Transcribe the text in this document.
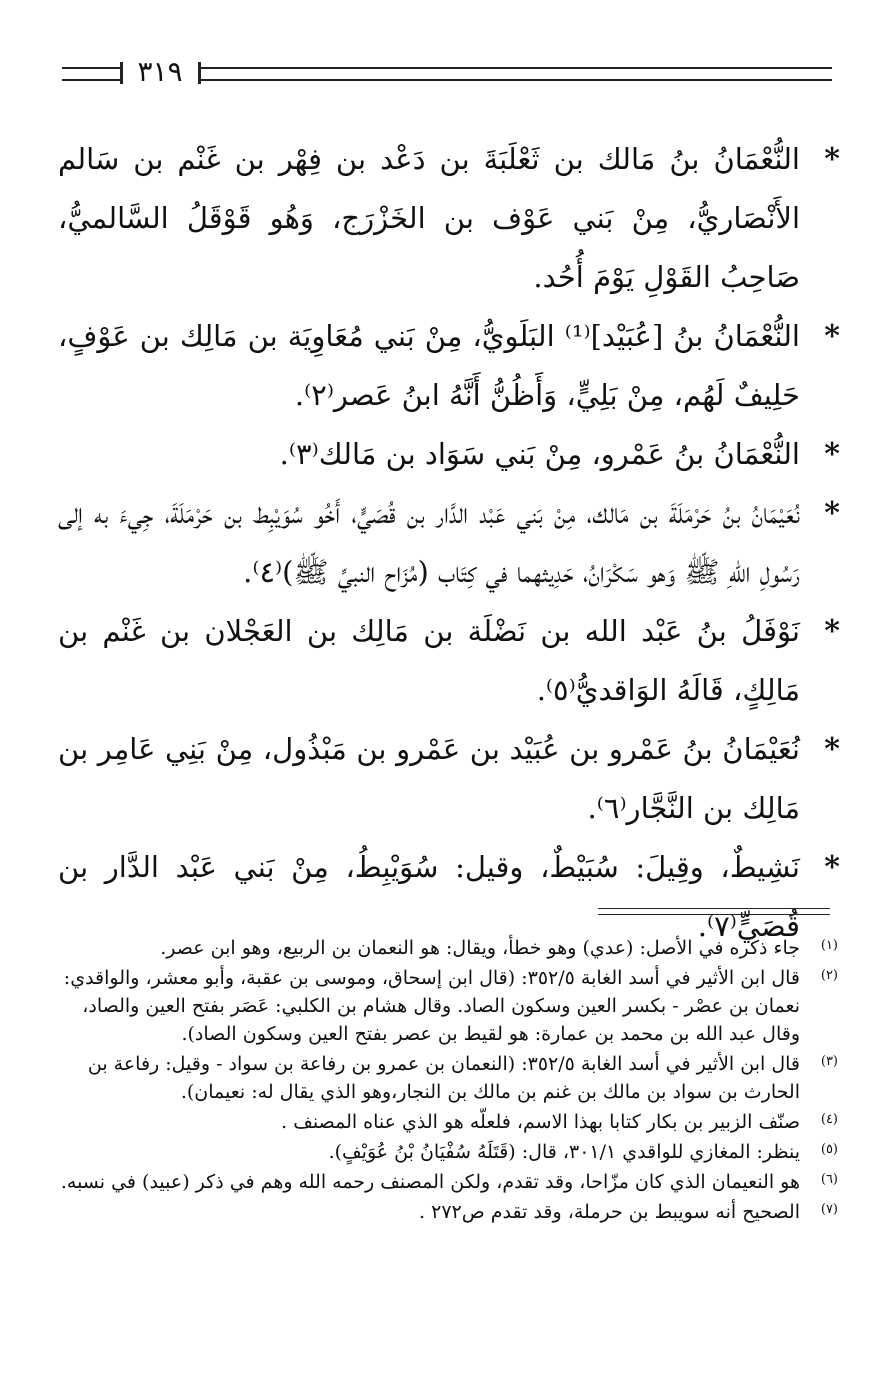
٣١٩

*
النُّعْمَانُ بنُ مَالك بن ثَعْلَبَةَ بن دَعْد بن فِهْر بن غَنْم بن سَالم الأَنْصَاريُّ، مِنْ بَني عَوْف بن الخَزْرَج، وَهُو قَوْقَلُ السَّالميُّ، صَاحِبُ القَوْلِ يَوْمَ أُحُد.

*
النُّعْمَانُ بنُ [عُبَيْد]⁽¹⁾ البَلَويُّ، مِنْ بَني مُعَاوِيَة بن مَالِك بن عَوْفٍ، حَلِيفٌ لَهُم، مِنْ بَلِيٍّ، وَأَظُنُّ أَنَّهُ ابنُ عَصر⁽٢⁾.

*
النُّعْمَانُ بنُ عَمْرو، مِنْ بَني سَوَاد بن مَالك⁽٣⁾.

*
نُعَيْمَانُ بنُ حَرْمَلَةَ بن مَالك، مِنْ بَني عَبْد الدَّار بن قُصَيٍّ، أَخُو سُوَيْبِط بن حَرْمَلَةَ، جِيءَ به إلى رَسُولِ اللهِ ﷺ وَهو سَكْرَانُ، حَدِيثهما في كِتَاب (مُزَاح النبيِّ ﷺ)⁽٤⁾.

*
نَوْفَلُ بنُ عَبْد الله بن نَضْلَة بن مَالِك بن العَجْلان بن غَنْم بن مَالِكٍ، قَالَهُ الوَاقديُّ⁽٥⁾.

*
نُعَيْمَانُ بنُ عَمْرو بن عُبَيْد بن عَمْرو بن مَبْذُول، مِنْ بَنِي عَامِر بن مَالِك بن النَّجَّار⁽٦⁾.

*
نَشِيطٌ، وقِيلَ: سُبَيْطٌ، وقيل: سُوَيْبِطُ، مِنْ بَني عَبْد الدَّار بن قُصَيٍّ⁽٧⁾.

(١)
جاء ذكره في الأصل: (عدي) وهو خطأ، ويقال: هو النعمان بن الربيع، وهو ابن عصر.

(٢)
قال ابن الأثير في أسد الغابة ٣٥٢/٥: (قال ابن إسحاق، وموسى بن عقبة، وأبو معشر، والواقدي: نعمان بن عصْر - بكسر العين وسكون الصاد. وقال هشام بن الكلبي: عَصَر بفتح العين والصاد، وقال عبد الله بن محمد بن عمارة: هو لقيط بن عصر بفتح العين وسكون الصاد).

(٣)
قال ابن الأثير في أسد الغابة ٣٥٢/٥: (النعمان بن عمرو بن رفاعة بن سواد - وقيل: رفاعة بن الحارث بن سواد بن مالك بن غنم بن مالك بن النجار،وهو الذي يقال له: نعيمان).

(٤)
صنّف الزبير بن بكار كتابا بهذا الاسم، فلعلّه هو الذي عناه المصنف .

(٥)
ينظر: المغازي للواقدي ٣٠١/١، قال: (قَتَلَهُ سُفْيَانُ بْنُ عُوَيْفٍ).

(٦)
هو النعيمان الذي كان مزّاحا، وقد تقدم، ولكن المصنف رحمه الله وهم في ذكر (عبيد) في نسبه.

(٧)
الصحيح أنه سويبط بن حرملة، وقد تقدم ص٢٧٢ .
